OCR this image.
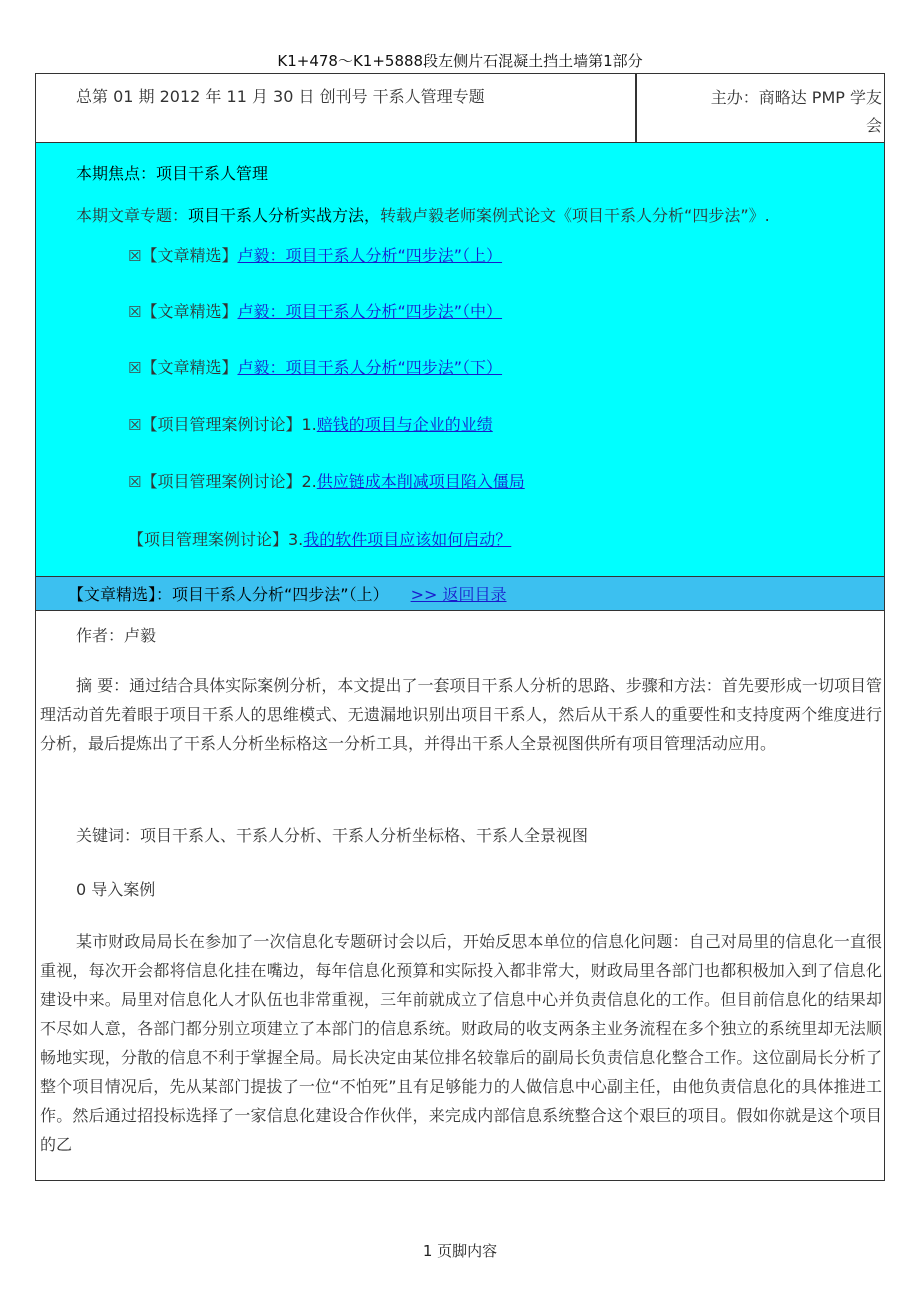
K1+478～K1+5888段左侧片石混凝土挡土墙第1部分
总第 01 期 2012 年 11 月 30 日 创刊号 干系人管理专题	主办：商略达 PMP 学友
会
本期焦点：项目干系人管理
本期文章专题：项目干系人分析实战方法，转载卢毅老师案例式论文《项目干系人分析“四步法”》.
☒【文章精选】卢毅：项目干系人分析“四步法”（上）
☒【文章精选】卢毅：项目干系人分析“四步法”（中）
☒【文章精选】卢毅：项目干系人分析“四步法”（下）
☒【项目管理案例讨论】1.赔钱的项目与企业的业绩
☒【项目管理案例讨论】2.供应链成本削减项目陷入僵局
【项目管理案例讨论】3.我的软件项目应该如何启动？
【文章精选】：项目干系人分析“四步法”（上） >> 返回目录
作者：卢毅
摘 要：通过结合具体实际案例分析，本文提出了一套项目干系人分析的思路、步骤和方法：首先要形成一切项目管理活动首先着眼于项目干系人的思维模式、无遗漏地识别出项目干系人，然后从干系人的重要性和支持度两个维度进行分析，最后提炼出了干系人分析坐标格这一分析工具，并得出干系人全景视图供所有项目管理活动应用。
关键词：项目干系人、干系人分析、干系人分析坐标格、干系人全景视图
0 导入案例
某市财政局局长在参加了一次信息化专题研讨会以后，开始反思本单位的信息化问题：自己对局里的信息化一直很重视，每次开会都将信息化挂在嘴边，每年信息化预算和实际投入都非常大，财政局里各部门也都积极加入到了信息化建设中来。局里对信息化人才队伍也非常重视，三年前就成立了信息中心并负责信息化的工作。但目前信息化的结果却不尽如人意，各部门都分别立项建立了本部门的信息系统。财政局的收支两条主业务流程在多个独立的系统里却无法顺畅地实现，分散的信息不利于掌握全局。局长决定由某位排名较靠后的副局长负责信息化整合工作。这位副局长分析了整个项目情况后，先从某部门提拔了一位“不怕死”且有足够能力的人做信息中心副主任，由他负责信息化的具体推进工作。然后通过招投标选择了一家信息化建设合作伙伴，来完成内部信息系统整合这个艰巨的项目。假如你就是这个项目的乙
1 页脚内容
